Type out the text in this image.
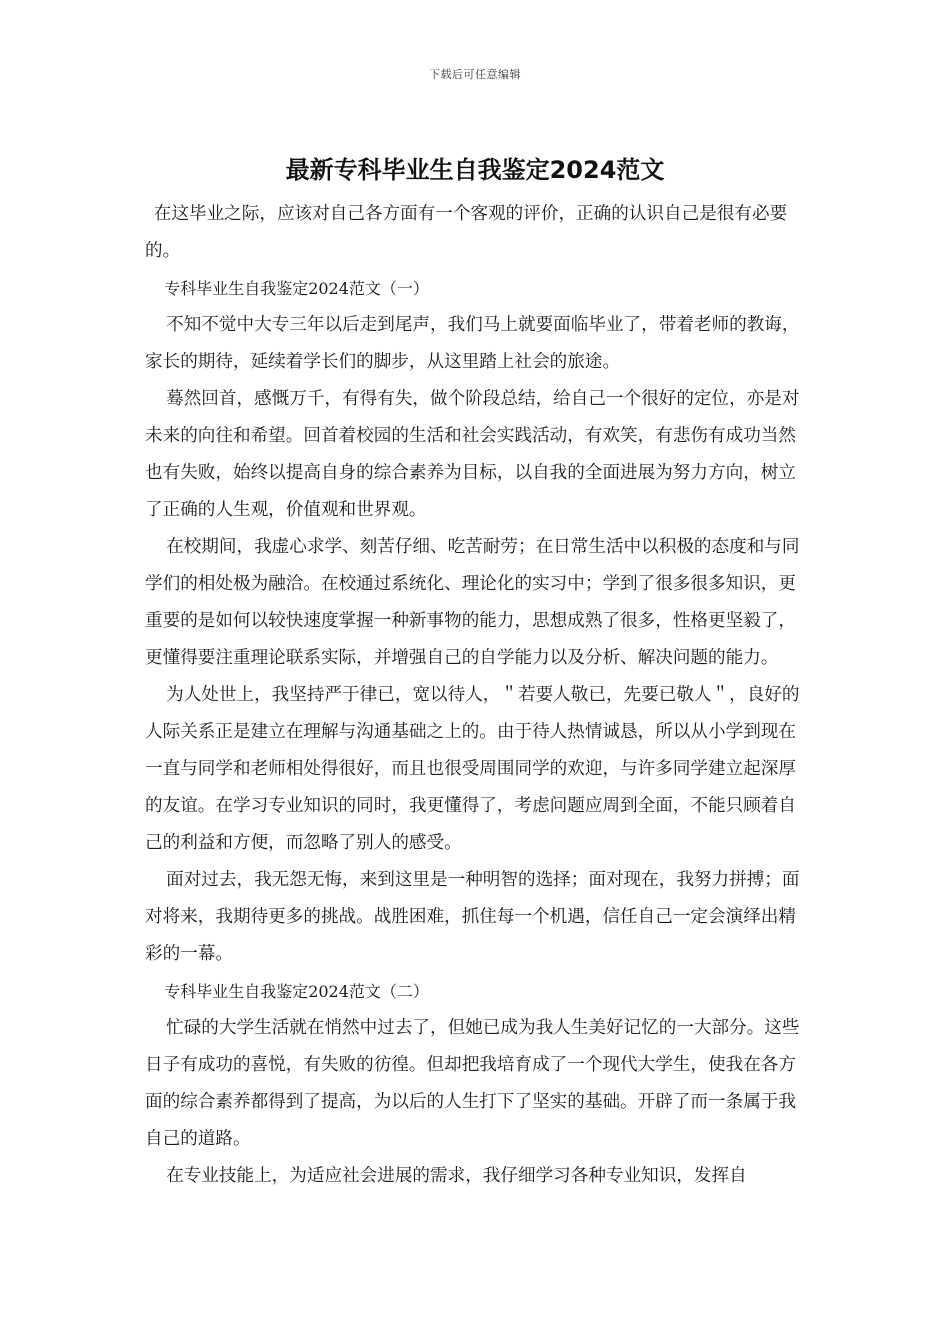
下载后可任意编辑
最新专科毕业生自我鉴定2024范文

在这毕业之际，应该对自己各方面有一个客观的评价，正确的认识自己是很有必要的。

专科毕业生自我鉴定2024范文（一）

不知不觉中大专三年以后走到尾声，我们马上就要面临毕业了，带着老师的教诲，家长的期待，延续着学长们的脚步，从这里踏上社会的旅途。

蓦然回首，感慨万千，有得有失，做个阶段总结，给自己一个很好的定位，亦是对未来的向往和希望。回首着校园的生活和社会实践活动，有欢笑，有悲伤有成功当然也有失败，始终以提高自身的综合素养为目标，以自我的全面进展为努力方向，树立了正确的人生观，价值观和世界观。

在校期间，我虚心求学、刻苦仔细、吃苦耐劳；在日常生活中以积极的态度和与同学们的相处极为融洽。在校通过系统化、理论化的实习中；学到了很多很多知识，更重要的是如何以较快速度掌握一种新事物的能力，思想成熟了很多，性格更坚毅了，更懂得要注重理论联系实际，并增强自己的自学能力以及分析、解决问题的能力。

为人处世上，我坚持严于律已，宽以待人，＂若要人敬已，先要已敬人＂，良好的人际关系正是建立在理解与沟通基础之上的。由于待人热情诚恳，所以从小学到现在一直与同学和老师相处得很好，而且也很受周围同学的欢迎，与许多同学建立起深厚的友谊。在学习专业知识的同时，我更懂得了，考虑问题应周到全面，不能只顾着自己的利益和方便，而忽略了别人的感受。

面对过去，我无怨无悔，来到这里是一种明智的选择；面对现在，我努力拼搏；面对将来，我期待更多的挑战。战胜困难，抓住每一个机遇，信任自己一定会演绎出精彩的一幕。

专科毕业生自我鉴定2024范文（二）

忙碌的大学生活就在悄然中过去了，但她已成为我人生美好记忆的一大部分。这些日子有成功的喜悦，有失败的彷徨。但却把我培育成了一个现代大学生，使我在各方面的综合素养都得到了提高，为以后的人生打下了坚实的基础。开辟了而一条属于我自己的道路。

在专业技能上，为适应社会进展的需求，我仔细学习各种专业知识，发挥自
